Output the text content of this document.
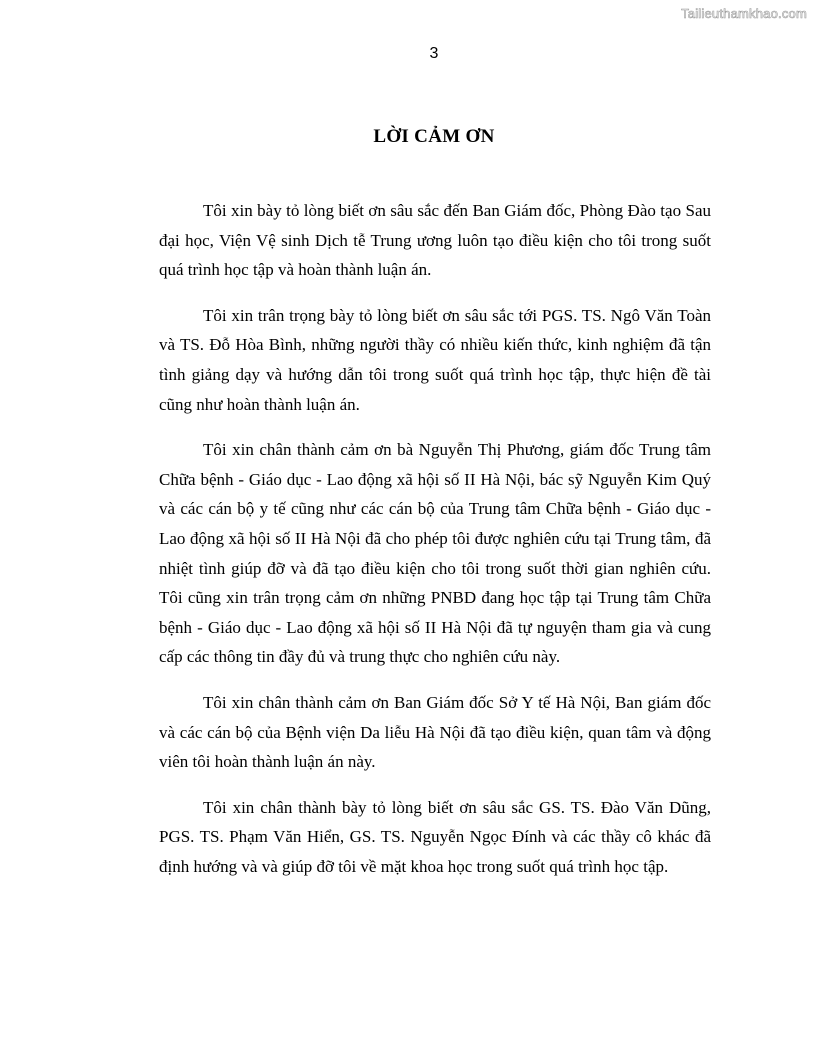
Tailieuthamkhao.com
3
LỜI CẢM ƠN

Tôi xin bày tỏ lòng biết ơn sâu sắc đến Ban Giám đốc, Phòng Đào tạo Sau đại học, Viện Vệ sinh Dịch tễ Trung ương luôn tạo điều kiện cho tôi trong suốt quá trình học tập và hoàn thành luận án.

Tôi xin trân trọng bày tỏ lòng biết ơn sâu sắc tới PGS. TS. Ngô Văn Toàn và TS. Đỗ Hòa Bình, những người thầy có nhiều kiến thức, kinh nghiệm đã tận tình giảng dạy và hướng dẫn tôi trong suốt quá trình học tập, thực hiện đề tài cũng như hoàn thành luận án.

Tôi xin chân thành cảm ơn bà Nguyễn Thị Phương, giám đốc Trung tâm Chữa bệnh - Giáo dục - Lao động xã hội số II Hà Nội, bác sỹ Nguyễn Kim Quý và các cán bộ y tế cũng như các cán bộ của Trung tâm Chữa bệnh - Giáo dục - Lao động xã hội số II Hà Nội đã cho phép tôi được nghiên cứu tại Trung tâm, đã nhiệt tình giúp đỡ và đã tạo điều kiện cho tôi trong suốt thời gian nghiên cứu. Tôi cũng xin trân trọng cảm ơn những PNBD đang học tập tại Trung tâm Chữa bệnh - Giáo dục - Lao động xã hội số II Hà Nội đã tự nguyện tham gia và cung cấp các thông tin đầy đủ và trung thực cho nghiên cứu này.

Tôi xin chân thành cảm ơn Ban Giám đốc Sở Y tế Hà Nội, Ban giám đốc và các cán bộ của Bệnh viện Da liễu Hà Nội đã tạo điều kiện, quan tâm và động viên tôi hoàn thành luận án này.

Tôi xin chân thành bày tỏ lòng biết ơn sâu sắc GS. TS. Đào Văn Dũng, PGS. TS. Phạm Văn Hiển, GS. TS. Nguyễn Ngọc Đính và các thầy cô khác đã định hướng và và giúp đỡ tôi về mặt khoa học trong suốt quá trình học tập.
